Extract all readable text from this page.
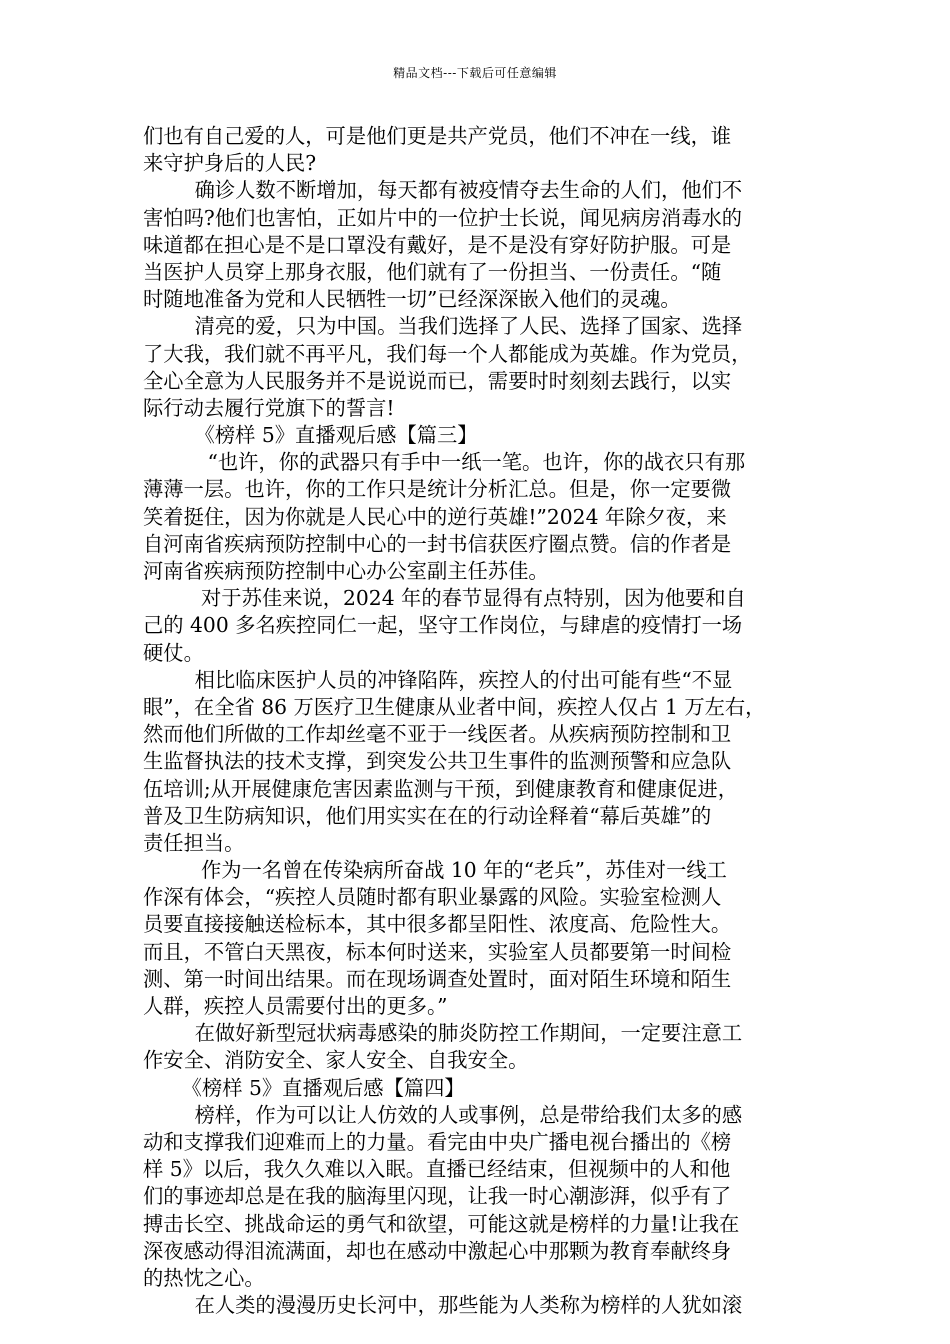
精品文档---下载后可任意编辑
们也有自己爱的人，可是他们更是共产党员，他们不冲在一线，谁
来守护身后的人民?
确诊人数不断增加，每天都有被疫情夺去生命的人们，他们不
害怕吗?他们也害怕，正如片中的一位护士长说，闻见病房消毒水的
味道都在担心是不是口罩没有戴好，是不是没有穿好防护服。可是
当医护人员穿上那身衣服，他们就有了一份担当、一份责任。“随
时随地准备为党和人民牺牲一切”已经深深嵌入他们的灵魂。
清亮的爱，只为中国。当我们选择了人民、选择了国家、选择
了大我，我们就不再平凡，我们每一个人都能成为英雄。作为党员，
全心全意为人民服务并不是说说而已，需要时时刻刻去践行，以实
际行动去履行党旗下的誓言!
《榜样 5》直播观后感【篇三】
“也许，你的武器只有手中一纸一笔。也许，你的战衣只有那
薄薄一层。也许，你的工作只是统计分析汇总。但是，你一定要微
笑着挺住，因为你就是人民心中的逆行英雄!”2024 年除夕夜，来
自河南省疾病预防控制中心的一封书信获医疗圈点赞。信的作者是
河南省疾病预防控制中心办公室副主任苏佳。
对于苏佳来说，2024 年的春节显得有点特别，因为他要和自
己的 400 多名疾控同仁一起，坚守工作岗位，与肆虐的疫情打一场
硬仗。
相比临床医护人员的冲锋陷阵，疾控人的付出可能有些“不显
眼”，在全省 86 万医疗卫生健康从业者中间，疾控人仅占 1 万左右，
然而他们所做的工作却丝毫不亚于一线医者。从疾病预防控制和卫
生监督执法的技术支撑，到突发公共卫生事件的监测预警和应急队
伍培训;从开展健康危害因素监测与干预，到健康教育和健康促进，
普及卫生防病知识，他们用实实在在的行动诠释着“幕后英雄”的
责任担当。
作为一名曾在传染病所奋战 10 年的“老兵”，苏佳对一线工
作深有体会，“疾控人员随时都有职业暴露的风险。实验室检测人
员要直接接触送检标本，其中很多都呈阳性、浓度高、危险性大。
而且，不管白天黑夜，标本何时送来，实验室人员都要第一时间检
测、第一时间出结果。而在现场调查处置时，面对陌生环境和陌生
人群，疾控人员需要付出的更多。”
在做好新型冠状病毒感染的肺炎防控工作期间，一定要注意工
作安全、消防安全、家人安全、自我安全。
《榜样 5》直播观后感【篇四】
榜样，作为可以让人仿效的人或事例，总是带给我们太多的感
动和支撑我们迎难而上的力量。看完由中央广播电视台播出的《榜
样 5》以后，我久久难以入眠。直播已经结束，但视频中的人和他
们的事迹却总是在我的脑海里闪现，让我一时心潮澎湃，似乎有了
搏击长空、挑战命运的勇气和欲望，可能这就是榜样的力量!让我在
深夜感动得泪流满面，却也在感动中激起心中那颗为教育奉献终身
的热忱之心。
在人类的漫漫历史长河中，那些能为人类称为榜样的人犹如滚
